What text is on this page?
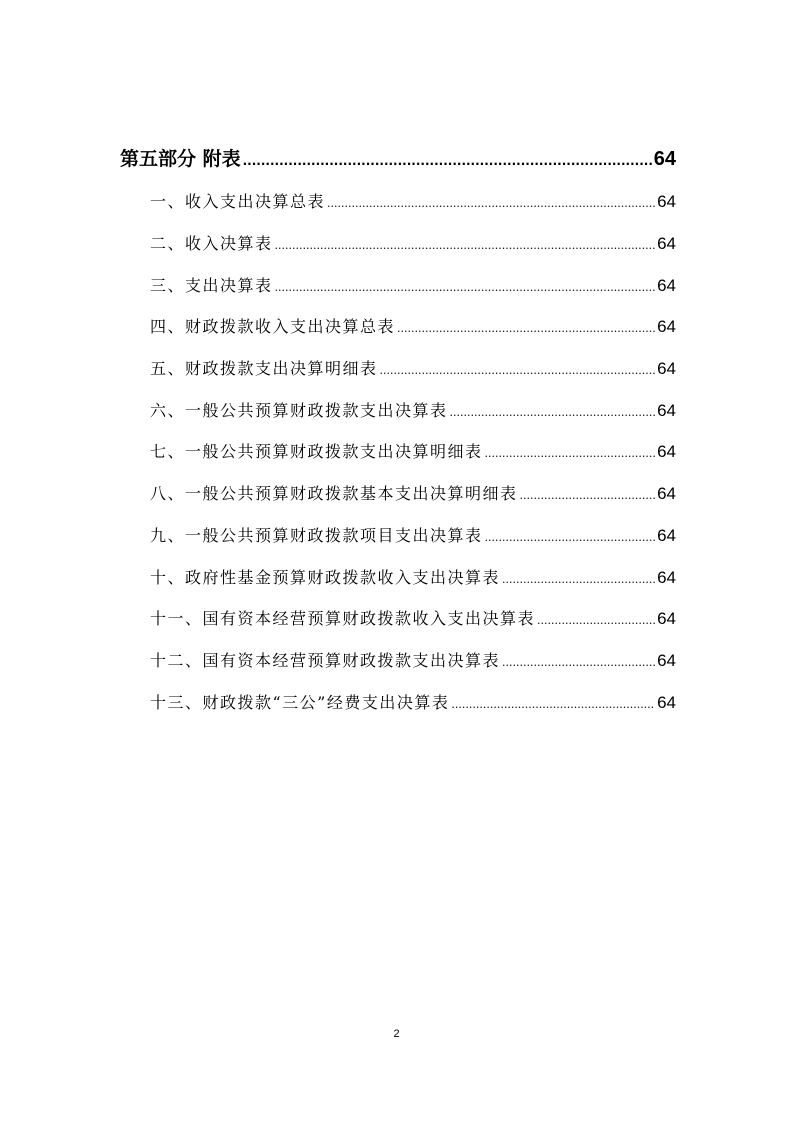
第五部分 附表 .....	64
一、收入支出决算总表 .....	64
二、收入决算表 .....	64
三、支出决算表 .....	64
四、财政拨款收入支出决算总表 .....	64
五、财政拨款支出决算明细表 .....	64
六、一般公共预算财政拨款支出决算表 .....	64
七、一般公共预算财政拨款支出决算明细表 .....	64
八、一般公共预算财政拨款基本支出决算明细表 .....	64
九、一般公共预算财政拨款项目支出决算表 .....	64
十、政府性基金预算财政拨款收入支出决算表 .....	64
十一、国有资本经营预算财政拨款收入支出决算表 .....	64
十二、国有资本经营预算财政拨款支出决算表 .....	64
十三、财政拨款“三公”经费支出决算表 .....	64
2
